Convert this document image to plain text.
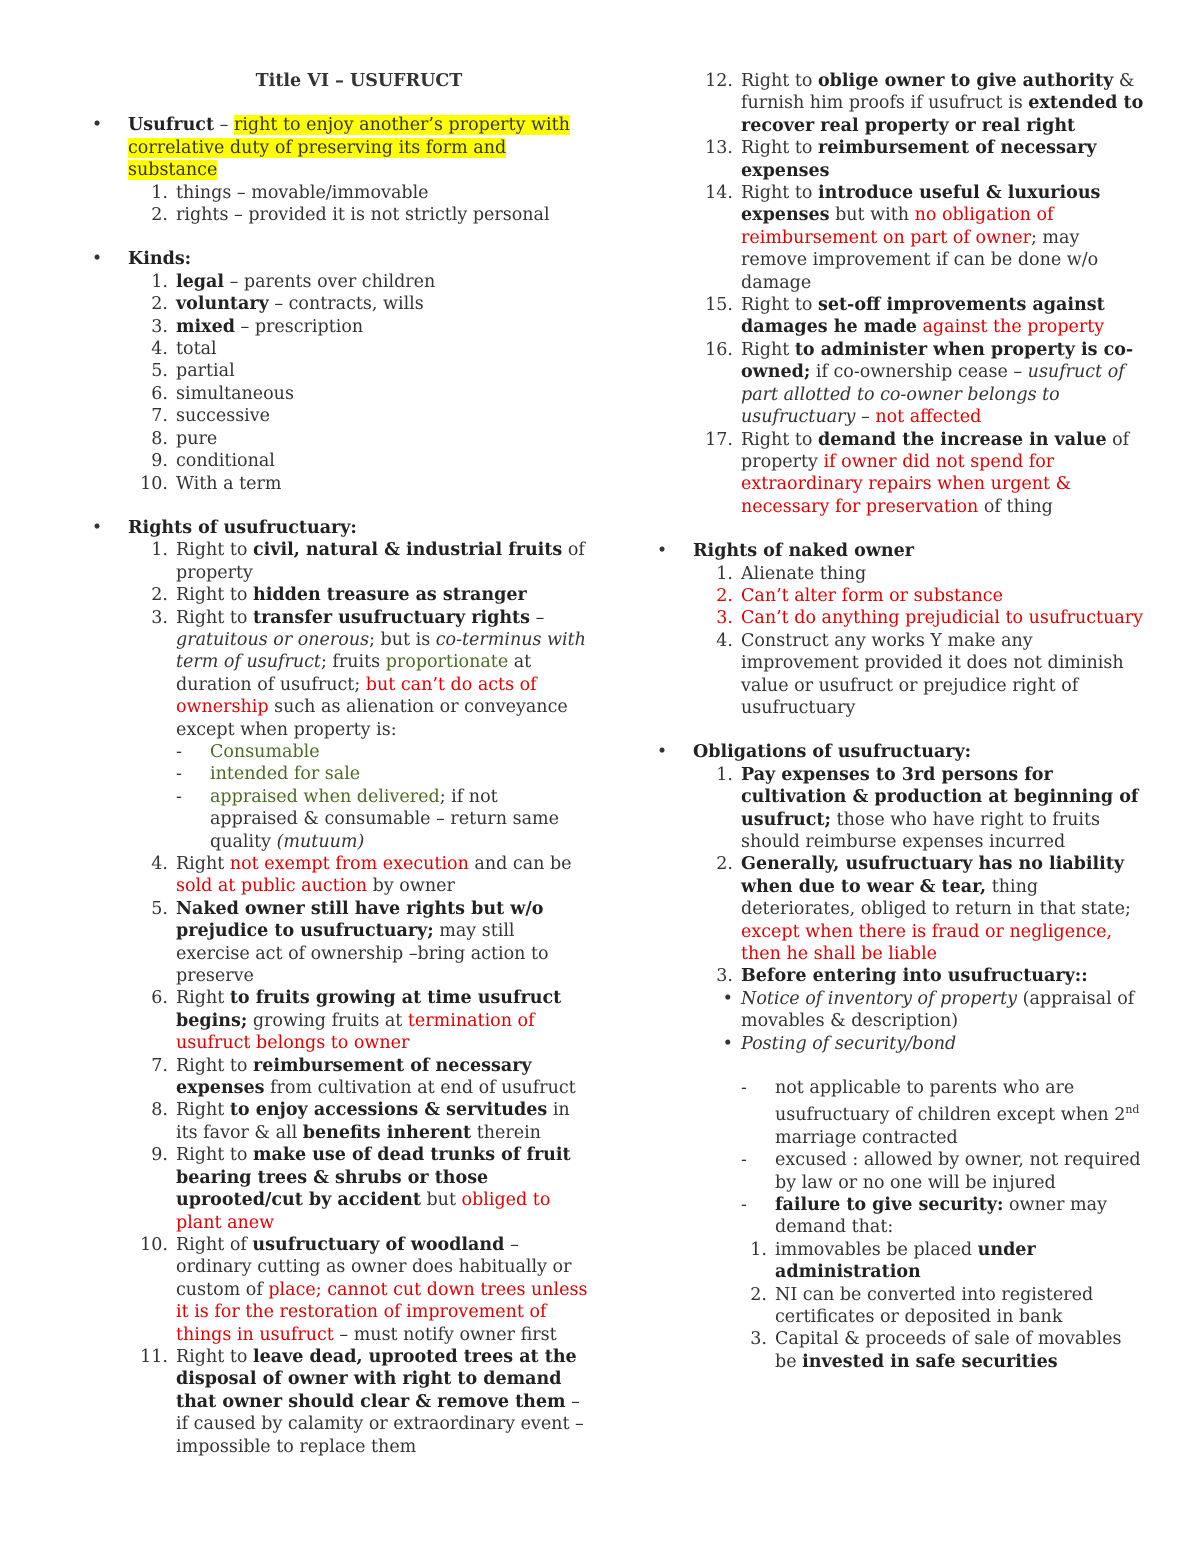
Title VI – USUFRUCT
• Usufruct – right to enjoy another’s property with correlative duty of preserving its form and substance
1. things – movable/immovable
2. rights – provided it is not strictly personal
• Kinds:
1. legal – parents over children
2. voluntary – contracts, wills
3. mixed – prescription
4. total
5. partial
6. simultaneous
7. successive
8. pure
9. conditional
10. With a term
• Rights of usufructuary:
1. Right to civil, natural & industrial fruits of property
2. Right to hidden treasure as stranger
3. Right to transfer usufructuary rights – gratuitous or onerous; but is co-terminus with term of usufruct; fruits proportionate at duration of usufruct; but can’t do acts of ownership such as alienation or conveyance except when property is:
- Consumable
- intended for sale
- appraised when delivered; if not appraised & consumable – return same quality (mutuum)
4. Right not exempt from execution and can be sold at public auction by owner
5. Naked owner still have rights but w/o prejudice to usufructuary; may still exercise act of ownership –bring action to preserve
6. Right to fruits growing at time usufruct begins; growing fruits at termination of usufruct belongs to owner
7. Right to reimbursement of necessary expenses from cultivation at end of usufruct
8. Right to enjoy accessions & servitudes in its favor & all benefits inherent therein
9. Right to make use of dead trunks of fruit bearing trees & shrubs or those uprooted/cut by accident but obliged to plant anew
10. Right of usufructuary of woodland – ordinary cutting as owner does habitually or custom of place; cannot cut down trees unless it is for the restoration of improvement of things in usufruct – must notify owner first
11. Right to leave dead, uprooted trees at the disposal of owner with right to demand that owner should clear & remove them – if caused by calamity or extraordinary event – impossible to replace them
12. Right to oblige owner to give authority & furnish him proofs if usufruct is extended to recover real property or real right
13. Right to reimbursement of necessary expenses
14. Right to introduce useful & luxurious expenses but with no obligation of reimbursement on part of owner; may remove improvement if can be done w/o damage
15. Right to set-off improvements against damages he made against the property
16. Right to administer when property is co-owned; if co-ownership cease – usufruct of part allotted to co-owner belongs to usufructuary – not affected
17. Right to demand the increase in value of property if owner did not spend for extraordinary repairs when urgent & necessary for preservation of thing
• Rights of naked owner
1. Alienate thing
2. Can’t alter form or substance
3. Can’t do anything prejudicial to usufructuary
4. Construct any works Y make any improvement provided it does not diminish value or usufruct or prejudice right of usufructuary
• Obligations of usufructuary:
1. Pay expenses to 3rd persons for cultivation & production at beginning of usufruct; those who have right to fruits should reimburse expenses incurred
2. Generally, usufructuary has no liability when due to wear & tear, thing deteriorates, obliged to return in that state; except when there is fraud or negligence, then he shall be liable
3. Before entering into usufructuary::
• Notice of inventory of property (appraisal of movables & description)
• Posting of security/bond
- not applicable to parents who are usufructuary of children except when 2nd marriage contracted
- excused : allowed by owner, not required by law or no one will be injured
- failure to give security: owner may demand that:
1. immovables be placed under administration
2. NI can be converted into registered certificates or deposited in bank
3. Capital & proceeds of sale of movables be invested in safe securities
